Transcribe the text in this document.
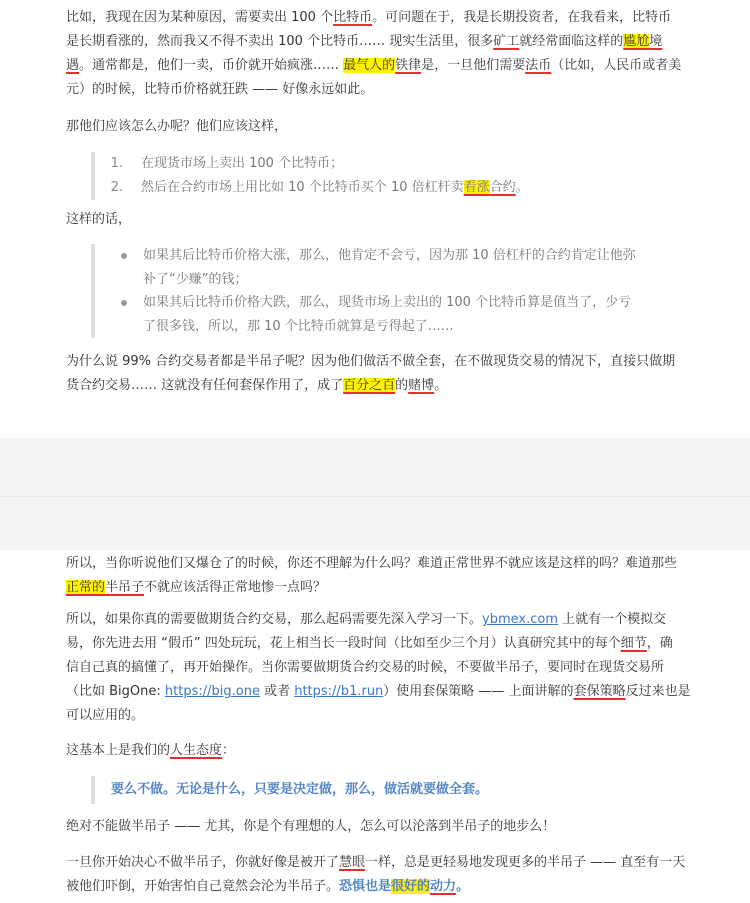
比如，我现在因为某种原因，需要卖出 100 个比特币。可问题在于，我是长期投资者，在我看来，比特币
是长期看涨的，然而我又不得不卖出 100 个比特币…… 现实生活里，很多矿工就经常面临这样的尴尬境
遇。通常都是，他们一卖，币价就开始疯涨…… 最气人的铁律是，一旦他们需要法币（比如，人民币或者美
元）的时候，比特币价格就狂跌 —— 好像永远如此。
那他们应该怎么办呢？他们应该这样，
1. 在现货市场上卖出 100 个比特币；
2. 然后在合约市场上用比如 10 个比特币买个 10 倍杠杆卖看涨合约。
这样的话，
如果其后比特币价格大涨，那么，他肯定不会亏，因为那 10 倍杠杆的合约肯定让他弥
补了“少赚”的钱；
如果其后比特币价格大跌，那么，现货市场上卖出的 100 个比特币算是值当了，少亏
了很多钱，所以，那 10 个比特币就算是亏得起了……
为什么说 99% 合约交易者都是半吊子呢？因为他们做活不做全套，在不做现货交易的情况下，直接只做期
货合约交易…… 这就没有任何套保作用了，成了百分之百的赌博。
所以，当你听说他们又爆仓了的时候，你还不理解为什么吗？难道正常世界不就应该是这样的吗？难道那些
正常的半吊子不就应该活得正常地惨一点吗？
所以，如果你真的需要做期货合约交易，那么起码需要先深入学习一下。ybmex.com 上就有一个模拟交
易，你先进去用 “假币” 四处玩玩，花上相当长一段时间（比如至少三个月）认真研究其中的每个细节，确
信自己真的搞懂了，再开始操作。当你需要做期货合约交易的时候，不要做半吊子，要同时在现货交易所
（比如 BigOne: https://big.one 或者 https://b1.run）使用套保策略 —— 上面讲解的套保策略反过来也是
可以应用的。
这基本上是我们的人生态度：
要么不做。无论是什么，只要是决定做，那么，做活就要做全套。
绝对不能做半吊子 —— 尤其，你是个有理想的人，怎么可以沦落到半吊子的地步么！
一旦你开始决心不做半吊子，你就好像是被开了慧眼一样，总是更轻易地发现更多的半吊子 —— 直至有一天
被他们吓倒，开始害怕自己竟然会沦为半吊子。恐惧也是很好的动力。
